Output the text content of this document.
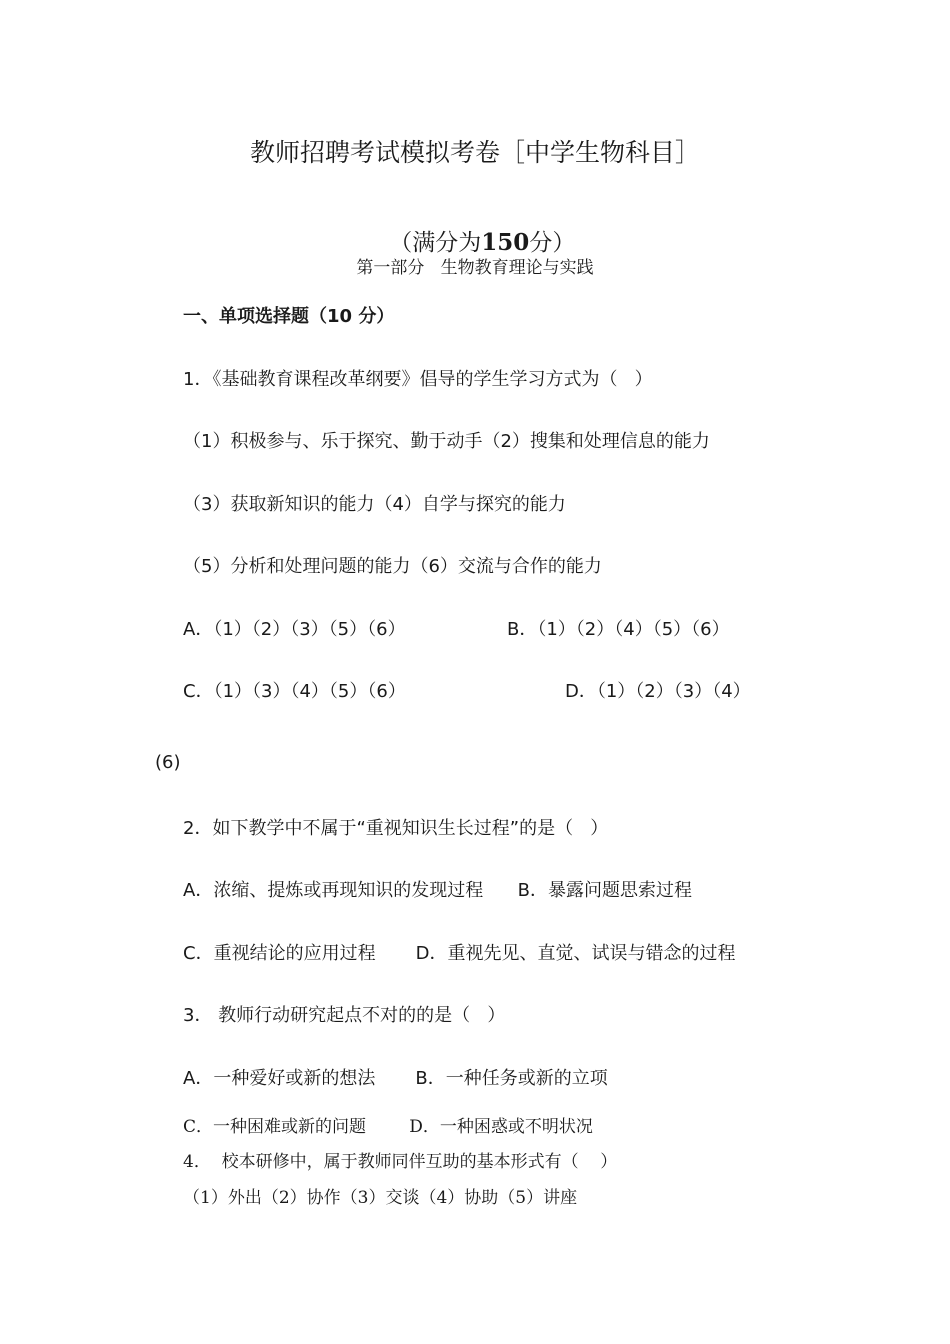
教师招聘考试模拟考卷［中学生物科目］

（满分为150分）

第一部分   生物教育理论与实践
一、单项选择题（10 分）
1．《基础教育课程改革纲要》倡导的学生学习方式为（   ）
（1）积极参与、乐于探究、勤于动手（2）搜集和处理信息的能力
（3）获取新知识的能力（4）自学与探究的能力
（5）分析和处理问题的能力（6）交流与合作的能力
A．（1）（2）（3）（5）（6）	B．（1）（2）（4）（5）（6）
C．（1）（3）（4）（5）（6）	D．（1）（2）（3）（4）
(6)
2．如下教学中不属于“重视知识生长过程”的是（   ）
A．浓缩、提炼或再现知识的发现过程      B．暴露问题思索过程
C．重视结论的应用过程       D．重视先见、直觉、试误与错念的过程
3． 教师行动研究起点不对的的是（   ）
A．一种爱好或新的想法       B．一种任务或新的立项
C．一种困难或新的问题        D．一种困惑或不明状况
4．  校本研修中，属于教师同伴互助的基本形式有（    ）
（1）外出（2）协作（3）交谈（4）协助（5）讲座
